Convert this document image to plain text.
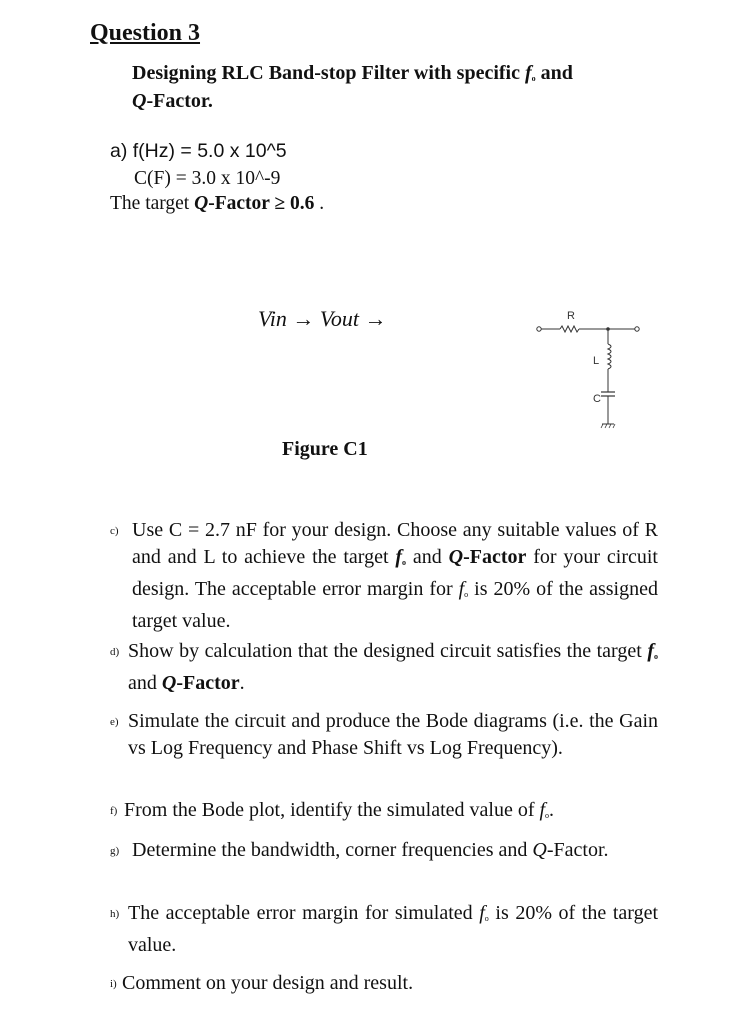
Question 3
Designing RLC Band-stop Filter with specific $f_o$ and
Q-Factor.
a) f(Hz) = 5.0 x 10^5
C(F) = 3.0 x 10^-9
The target Q-Factor ≥ 0.6 .
Vin → Vout →	R
L
C
Figure C1
c) Use C = 2.7 nF for your design. Choose any suitable values of R and and L to achieve the target $f_o$ and Q-Factor for your circuit design. The acceptable error margin for $f_o$ is 20% of the assigned target value.
d) Show by calculation that the designed circuit satisfies the target $f_o$ and Q-Factor.
e) Simulate the circuit and produce the Bode diagrams (i.e. the Gain vs Log Frequency and Phase Shift vs Log Frequency).
f) From the Bode plot, identify the simulated value of $f_o$.
g) Determine the bandwidth, corner frequencies and Q-Factor.
h) The acceptable error margin for simulated $f_o$ is 20% of the target value.
i) Comment on your design and result.
